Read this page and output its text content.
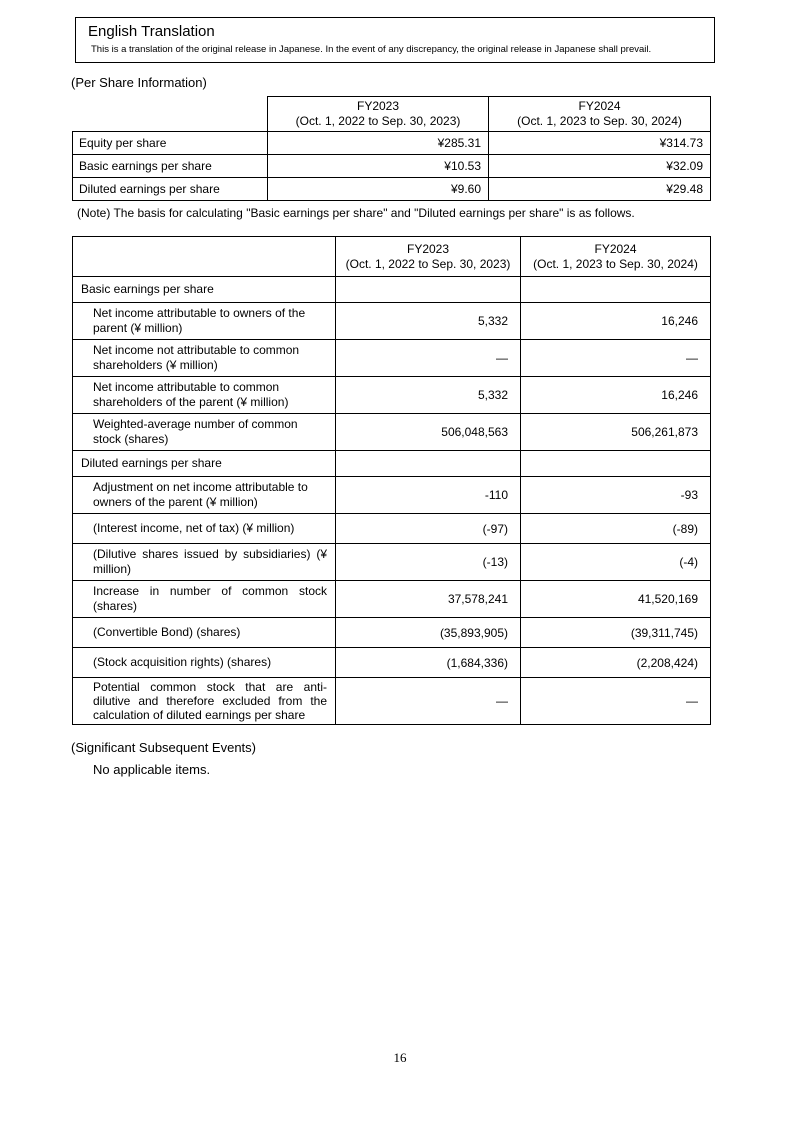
English Translation
This is a translation of the original release in Japanese. In the event of any discrepancy, the original release in Japanese shall prevail.
(Per Share Information)

FY2023
(Oct. 1, 2022 to Sep. 30, 2023)

FY2024
(Oct. 1, 2023 to Sep. 30, 2024)

Equity per share	¥285.31	¥314.73
Basic earnings per share	¥10.53	¥32.09
Diluted earnings per share	¥9.60	¥29.48
(Note) The basis for calculating "Basic earnings per share" and "Diluted earnings per share" is as follows.

FY2023
(Oct. 1, 2022 to Sep. 30, 2023)

FY2024
(Oct. 1, 2023 to Sep. 30, 2024)

Basic earnings per share		
Net income attributable to owners of the parent (¥ million)	5,332	16,246
Net income not attributable to common shareholders (¥ million)	—	—
Net income attributable to common shareholders of the parent (¥ million)	5,332	16,246
Weighted-average number of common stock (shares)	506,048,563	506,261,873
Diluted earnings per share		
Adjustment on net income attributable to owners of the parent (¥ million)	-110	-93
(Interest income, net of tax) (¥ million)	(-97)	(-89)
(Dilutive shares issued by subsidiaries) (¥ million)	(-13)	(-4)
Increase in number of common stock (shares)	37,578,241	41,520,169
(Convertible Bond) (shares)	(35,893,905)	(39,311,745)
(Stock acquisition rights) (shares)	(1,684,336)	(2,208,424)
Potential common stock that are anti-dilutive and therefore excluded from the calculation of diluted earnings per share	—	—
(Significant Subsequent Events)
No applicable items.
16
